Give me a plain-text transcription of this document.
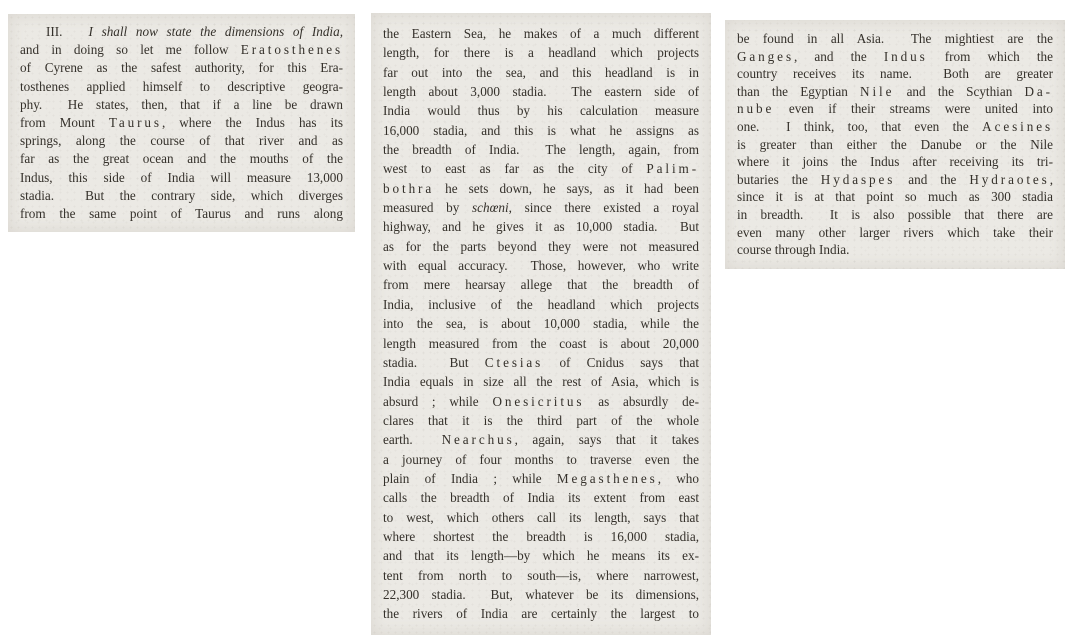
III.   I shall now state the dimensions of India,
and in doing so let me follow Eratosthenes
of Cyrene as the safest authority, for this Era-
tosthenes applied himself to descriptive geogra-
phy.  He states, then, that if a line be drawn
from Mount Taurus, where the Indus has its
springs, along the course of that river and as
far as the great ocean and the mouths of the
Indus, this side of India will measure 13,000
stadia.  But the contrary side, which diverges
from the same point of Taurus and runs along
the Eastern Sea, he makes of a much different
length, for there is a headland which projects
far out into the sea, and this headland is in
length about 3,000 stadia.  The eastern side of
India would thus by his calculation measure
16,000 stadia, and this is what he assigns as
the breadth of India.  The length, again, from
west to east as far as the city of Palim-
bothra he sets down, he says, as it had been
measured by schœni, since there existed a royal
highway, and he gives it as 10,000 stadia.  But
as for the parts beyond they were not measured
with equal accuracy.  Those, however, who write
from mere hearsay allege that the breadth of
India, inclusive of the headland which projects
into the sea, is about 10,000 stadia, while the
length measured from the coast is about 20,000
stadia.  But Ctesias of Cnidus says that
India equals in size all the rest of Asia, which is
absurd ; while Onesicritus as absurdly de-
clares that it is the third part of the whole
earth.  Nearchus, again, says that it takes
a journey of four months to traverse even the
plain of India ; while Megasthenes, who
calls the breadth of India its extent from east
to west, which others call its length, says that
where shortest the breadth is 16,000 stadia,
and that its length—by which he means its ex-
tent from north to south—is, where narrowest,
22,300 stadia.  But, whatever be its dimensions,
the rivers of India are certainly the largest to
be found in all Asia.  The mightiest are the
Ganges, and the Indus from which the
country receives its name.  Both are greater
than the Egyptian Nile and the Scythian Da-
nube even if their streams were united into
one.  I think, too, that even the Acesines
is greater than either the Danube or the Nile
where it joins the Indus after receiving its tri-
butaries the Hydaspes and the Hydraotes,
since it is at that point so much as 300 stadia
in breadth.  It is also possible that there are
even many other larger rivers which take their
course through India.
